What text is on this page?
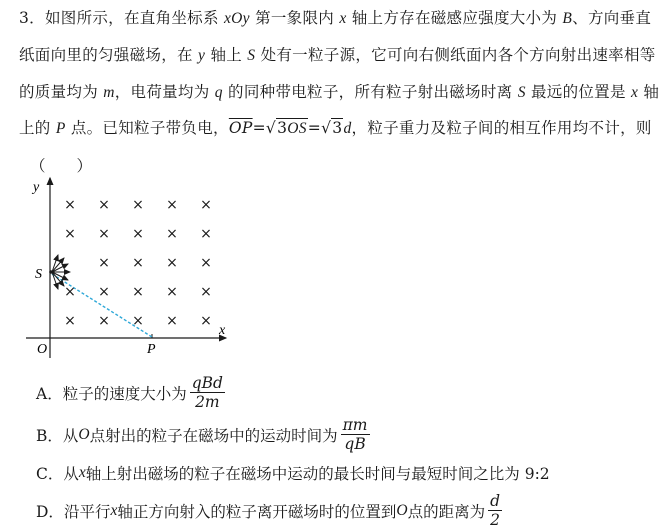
3．如图所示，在直角坐标系 xOy 第一象限内 x 轴上方存在磁感应强度大小为 B、方向垂直
纸面向里的匀强磁场，在 y 轴上 S 处有一粒子源，它可向右侧纸面内各个方向射出速率相等
的质量均为 m，电荷量均为 q 的同种带电粒子，所有粒子射出磁场时离 S 最远的位置是 x 轴
上的 P 点。已知粒子带负电，$\overline{OP}=√3OS=√3d$，粒子重力及粒子间的相互作用均不计，则
（　　）
y
x
O
S
P
× × × × ×
× × × × ×
× × × ×
× × × × ×
× × × × ×
A． 粒子的速度大小为 $\frac{\text{qBd}}{2m}$
B． 从 O 点射出的粒子在磁场中的运动时间为 $\frac{\pi m}{qB}$
C． 从 x 轴上射出磁场的粒子在磁场中运动的最长时间与最短时间之比为 9:2
D． 沿平行 x 轴正方向射入的粒子离开磁场时的位置到 O 点的距离为 $\frac{d}{2}$
